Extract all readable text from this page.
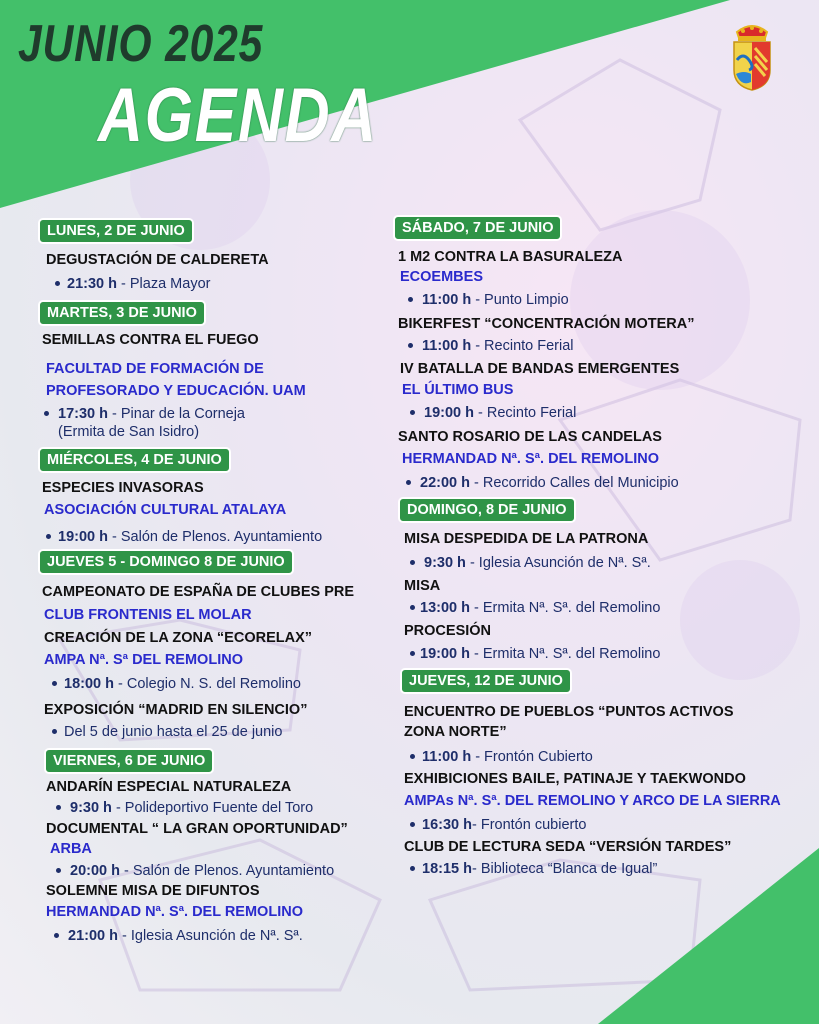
JUNIO 2025
AGENDA
LUNES, 2 DE JUNIO
DEGUSTACIÓN DE CALDERETA
21:30 h - Plaza Mayor
MARTES, 3 DE JUNIO
SEMILLAS CONTRA EL FUEGO
FACULTAD DE FORMACIÓN DE
PROFESORADO Y EDUCACIÓN. UAM
17:30 h - Pinar de la Corneja
(Ermita de San Isidro)
MIÉRCOLES, 4 DE JUNIO
ESPECIES INVASORAS
ASOCIACIÓN CULTURAL ATALAYA
19:00 h - Salón de Plenos. Ayuntamiento
JUEVES 5 - DOMINGO 8 DE JUNIO
CAMPEONATO DE ESPAÑA DE CLUBES PRE
CLUB FRONTENIS EL MOLAR
CREACIÓN DE LA ZONA “ECORELAX”
AMPA Nª. Sª DEL REMOLINO
18:00 h - Colegio N. S. del Remolino
EXPOSICIÓN “MADRID EN SILENCIO”
Del 5 de junio hasta el 25 de junio
VIERNES, 6 DE JUNIO
ANDARÍN ESPECIAL NATURALEZA
9:30 h - Polideportivo Fuente del Toro
DOCUMENTAL “ LA GRAN OPORTUNIDAD”
ARBA
20:00 h - Salón de Plenos. Ayuntamiento
SOLEMNE MISA DE DIFUNTOS
HERMANDAD Nª. Sª. DEL REMOLINO
21:00 h - Iglesia Asunción de Nª. Sª.
SÁBADO, 7 DE JUNIO
1 M2 CONTRA LA BASURALEZA
ECOEMBES
11:00 h - Punto Limpio
BIKERFEST “CONCENTRACIÓN MOTERA”
11:00 h - Recinto Ferial
IV BATALLA DE BANDAS EMERGENTES
EL ÚLTIMO BUS
19:00 h - Recinto Ferial
SANTO ROSARIO DE LAS CANDELAS
HERMANDAD Nª. Sª. DEL REMOLINO
22:00 h - Recorrido Calles del Municipio
DOMINGO, 8 DE JUNIO
MISA DESPEDIDA DE LA PATRONA
9:30 h - Iglesia Asunción de Nª. Sª.
MISA
13:00 h - Ermita Nª. Sª. del Remolino
PROCESIÓN
19:00 h - Ermita Nª. Sª. del Remolino
JUEVES, 12 DE JUNIO
ENCUENTRO DE PUEBLOS “PUNTOS ACTIVOS
ZONA NORTE”
11:00 h - Frontón Cubierto
EXHIBICIONES BAILE, PATINAJE Y TAEKWONDO
AMPAs Nª. Sª. DEL REMOLINO Y ARCO DE LA SIERRA
16:30 h- Frontón cubierto
CLUB DE LECTURA SEDA “VERSIÓN TARDES”
18:15 h- Biblioteca “Blanca de Igual”
